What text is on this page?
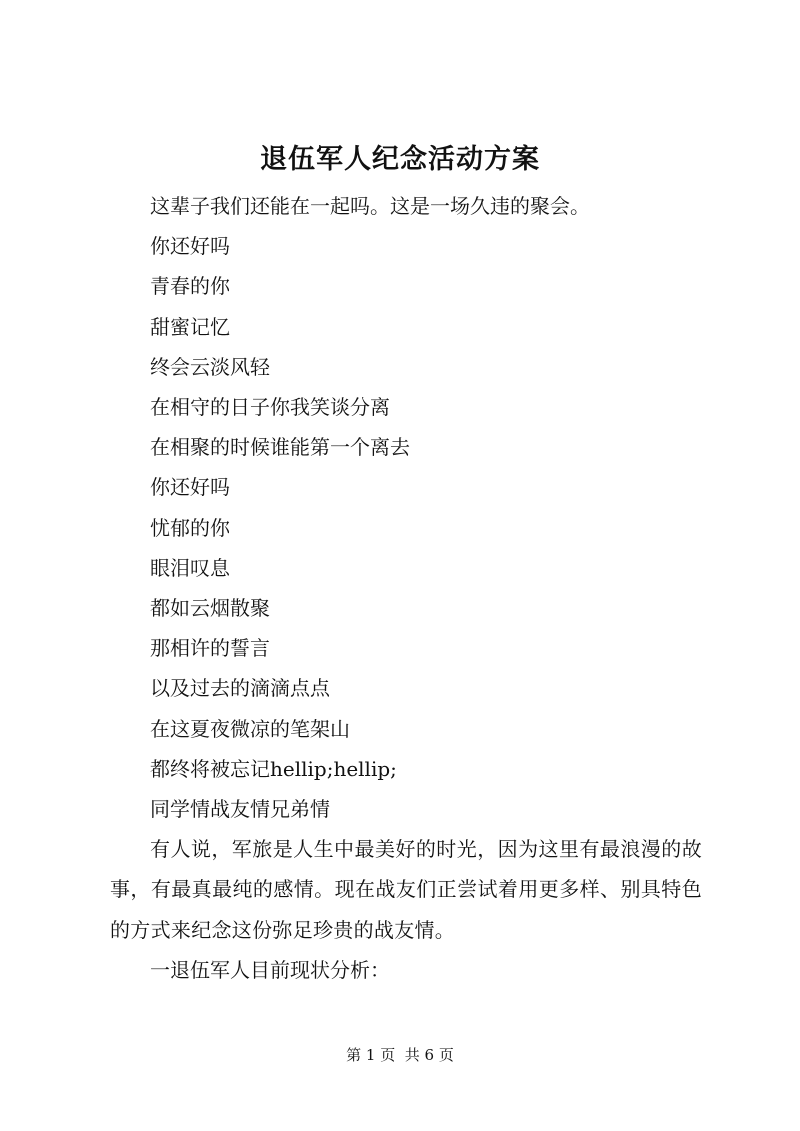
退伍军人纪念活动方案
这辈子我们还能在一起吗。这是一场久违的聚会。
你还好吗
青春的你
甜蜜记忆
终会云淡风轻
在相守的日子你我笑谈分离
在相聚的时候谁能第一个离去
你还好吗
忧郁的你
眼泪叹息
都如云烟散聚
那相许的誓言
以及过去的滴滴点点
在这夏夜微凉的笔架山
都终将被忘记hellip;hellip;
同学情战友情兄弟情
有人说，军旅是人生中最美好的时光，因为这里有最浪漫的故事，有最真最纯的感情。现在战友们正尝试着用更多样、别具特色的方式来纪念这份弥足珍贵的战友情。
一退伍军人目前现状分析：
第 1 页  共 6 页
